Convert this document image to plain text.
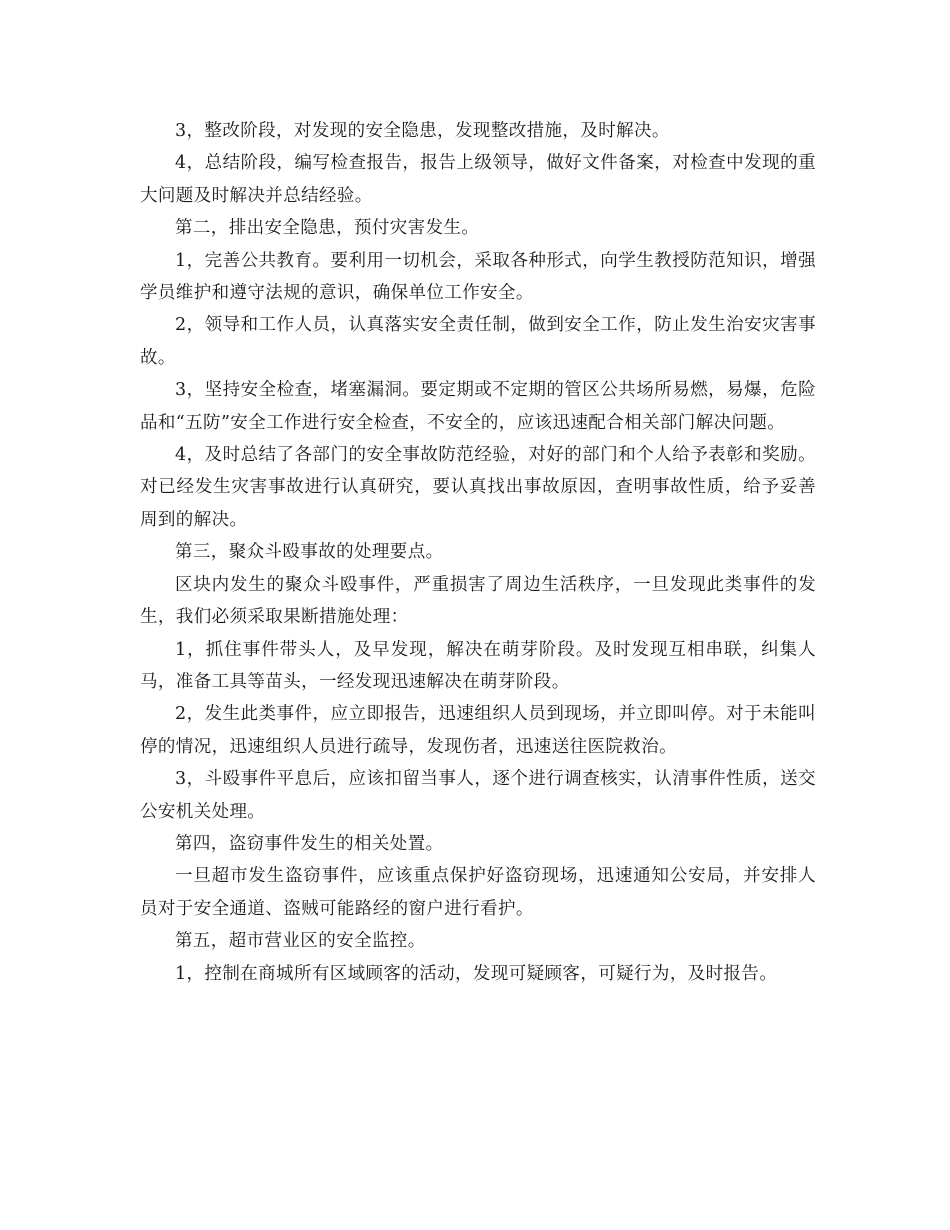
3，整改阶段，对发现的安全隐患，发现整改措施，及时解决。

4，总结阶段，编写检查报告，报告上级领导，做好文件备案，对检查中发现的重大问题及时解决并总结经验。

第二，排出安全隐患，预付灾害发生。

1，完善公共教育。要利用一切机会，采取各种形式，向学生教授防范知识，增强学员维护和遵守法规的意识，确保单位工作安全。

2，领导和工作人员，认真落实安全责任制，做到安全工作，防止发生治安灾害事故。

3，坚持安全检查，堵塞漏洞。要定期或不定期的管区公共场所易燃，易爆，危险品和“五防”安全工作进行安全检查，不安全的，应该迅速配合相关部门解决问题。

4，及时总结了各部门的安全事故防范经验，对好的部门和个人给予表彰和奖励。对已经发生灾害事故进行认真研究，要认真找出事故原因，查明事故性质，给予妥善周到的解决。

第三，聚众斗殴事故的处理要点。

区块内发生的聚众斗殴事件，严重损害了周边生活秩序，一旦发现此类事件的发生，我们必须采取果断措施处理：

1，抓住事件带头人，及早发现，解决在萌芽阶段。及时发现互相串联，纠集人马，准备工具等苗头，一经发现迅速解决在萌芽阶段。

2，发生此类事件，应立即报告，迅速组织人员到现场，并立即叫停。对于未能叫停的情况，迅速组织人员进行疏导，发现伤者，迅速送往医院救治。

3，斗殴事件平息后，应该扣留当事人，逐个进行调查核实，认清事件性质，送交公安机关处理。

第四，盗窃事件发生的相关处置。

一旦超市发生盗窃事件，应该重点保护好盗窃现场，迅速通知公安局，并安排人员对于安全通道、盗贼可能路经的窗户进行看护。

第五，超市营业区的安全监控。

1，控制在商城所有区域顾客的活动，发现可疑顾客，可疑行为，及时报告。
